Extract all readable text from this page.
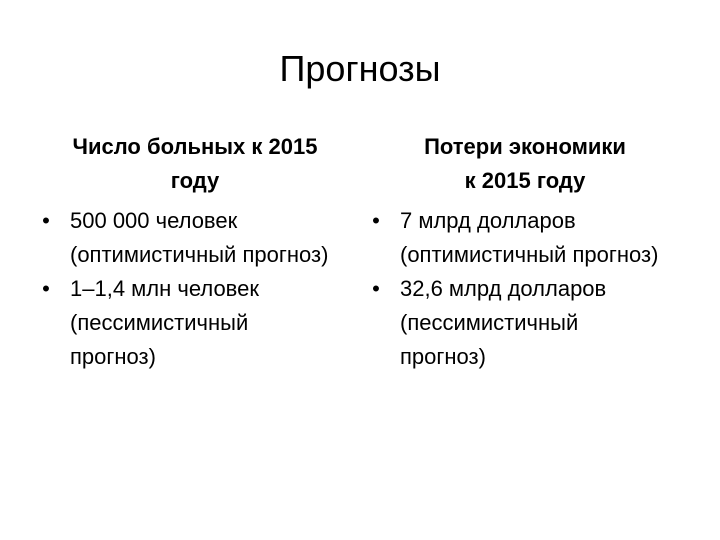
Прогнозы
Число больных к 2015
году
• 500 000 человек (оптимистичный прогноз)
• 1–1,4 млн человек (пессимистичный прогноз)
Потери экономики
к 2015 году
• 7 млрд долларов (оптимистичный прогноз)
• 32,6 млрд долларов (пессимистичный прогноз)
